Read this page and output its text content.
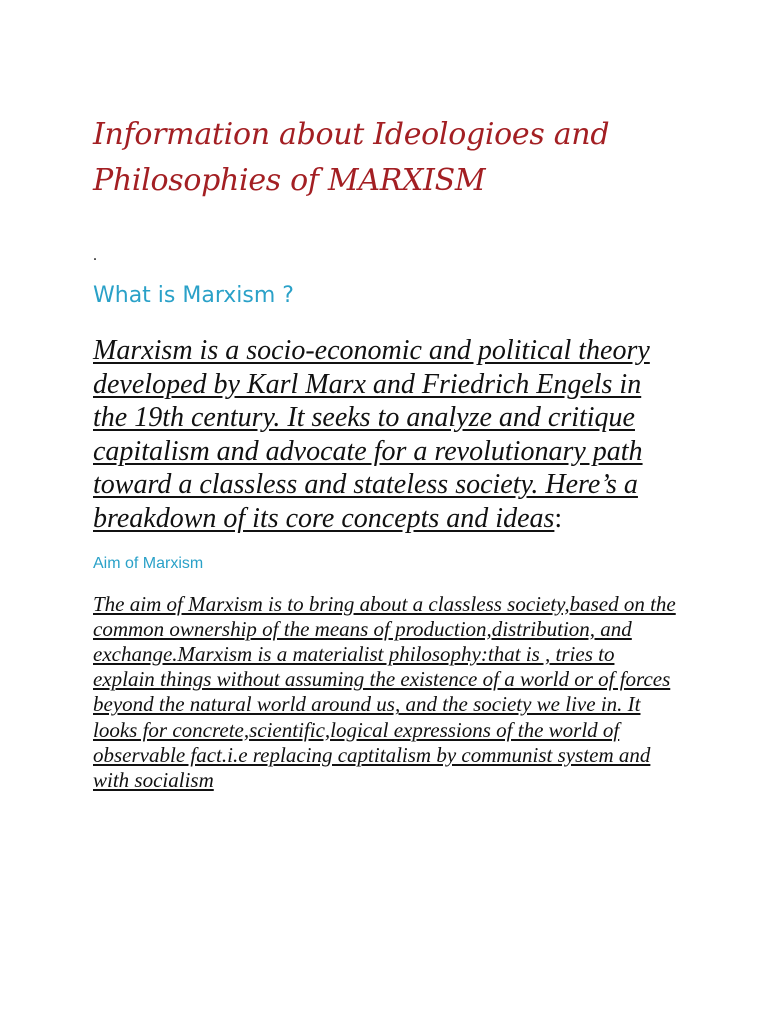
Information about Ideologioes and Philosophies of MARXISM
.
What is Marxism ?

Marxism is a socio-economic and political theory developed by Karl Marx and Friedrich Engels in the 19th century. It seeks to analyze and critique capitalism and advocate for a revolutionary path toward a classless and stateless society. Here’s a breakdown of its core concepts and ideas:

Aim of Marxism

The aim of Marxism is to bring about a classless society,based on the common ownership of the means of production,distribution, and exchange.Marxism is a materialist philosophy:that is , tries to explain things without assuming the existence of a world or of forces beyond the natural world around us, and the society we live in. It looks for concrete,scientific,logical expressions of the world of observable fact.i.e replacing captitalism by communist system and with socialism
